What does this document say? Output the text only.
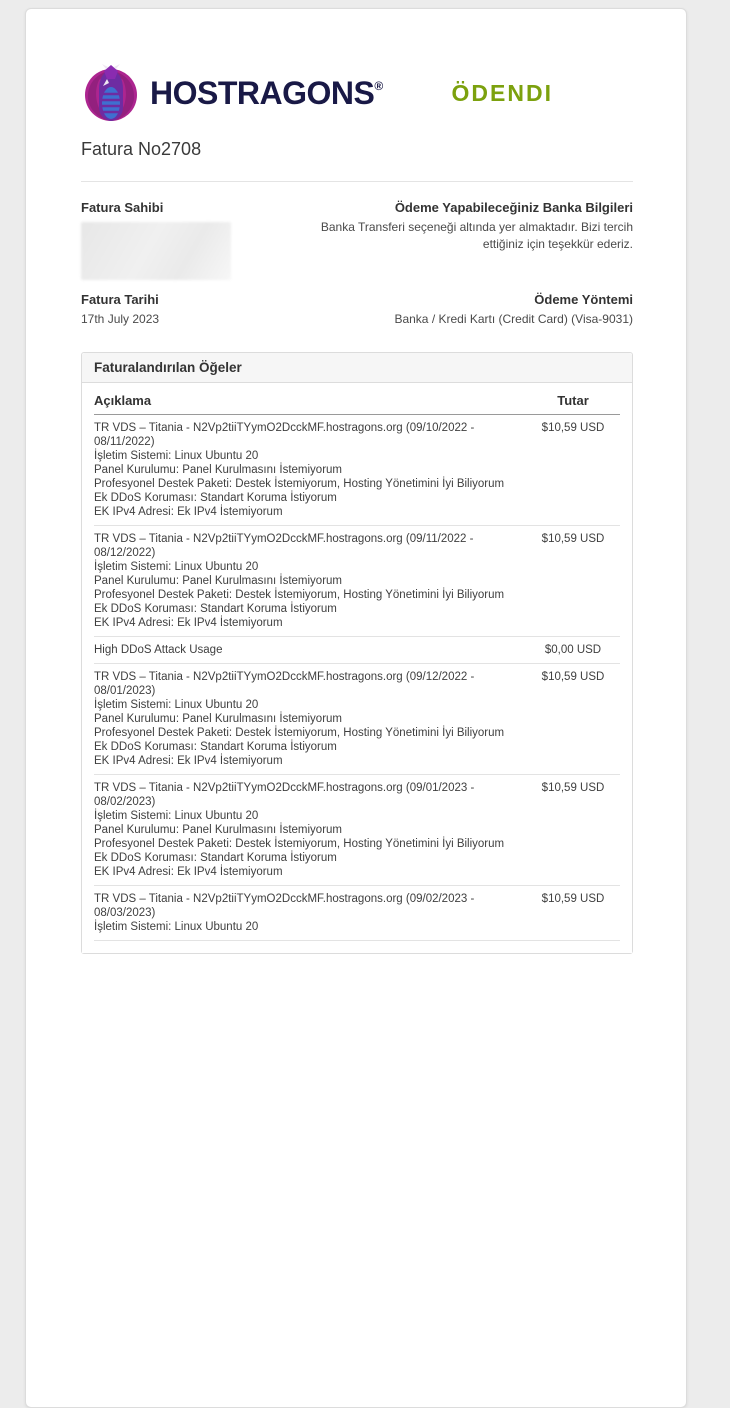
HOSTRAGONS®	ÖDENDI
Fatura No2708
Fatura Sahibi	Ödeme Yapabileceğiniz Banka Bilgileri
Banka Transferi seçeneği altında yer almaktadır. Bizi tercih ettiğiniz için teşekkür ederiz.
Fatura Tarihi
17th July 2023
Ödeme Yöntemi
Banka / Kredi Kartı (Credit Card) (Visa-9031)
Faturalandırılan Öğeler
Açıklama	Tutar
TR VDS – Titania - N2Vp2tiiTYymO2DcckMF.hostragons.org (09/10/2022 - 08/11/2022)
İşletim Sistemi: Linux Ubuntu 20
Panel Kurulumu: Panel Kurulmasını İstemiyorum
Profesyonel Destek Paketi: Destek İstemiyorum, Hosting Yönetimini İyi Biliyorum
Ek DDoS Koruması: Standart Koruma İstiyorum
EK IPv4 Adresi: Ek IPv4 İstemiyorum
$10,59 USD
TR VDS – Titania - N2Vp2tiiTYymO2DcckMF.hostragons.org (09/11/2022 - 08/12/2022)
İşletim Sistemi: Linux Ubuntu 20
Panel Kurulumu: Panel Kurulmasını İstemiyorum
Profesyonel Destek Paketi: Destek İstemiyorum, Hosting Yönetimini İyi Biliyorum
Ek DDoS Koruması: Standart Koruma İstiyorum
EK IPv4 Adresi: Ek IPv4 İstemiyorum
$10,59 USD
High DDoS Attack Usage	$0,00 USD
TR VDS – Titania - N2Vp2tiiTYymO2DcckMF.hostragons.org (09/12/2022 - 08/01/2023)
İşletim Sistemi: Linux Ubuntu 20
Panel Kurulumu: Panel Kurulmasını İstemiyorum
Profesyonel Destek Paketi: Destek İstemiyorum, Hosting Yönetimini İyi Biliyorum
Ek DDoS Koruması: Standart Koruma İstiyorum
EK IPv4 Adresi: Ek IPv4 İstemiyorum
$10,59 USD
TR VDS – Titania - N2Vp2tiiTYymO2DcckMF.hostragons.org (09/01/2023 - 08/02/2023)
İşletim Sistemi: Linux Ubuntu 20
Panel Kurulumu: Panel Kurulmasını İstemiyorum
Profesyonel Destek Paketi: Destek İstemiyorum, Hosting Yönetimini İyi Biliyorum
Ek DDoS Koruması: Standart Koruma İstiyorum
EK IPv4 Adresi: Ek IPv4 İstemiyorum
$10,59 USD
TR VDS – Titania - N2Vp2tiiTYymO2DcckMF.hostragons.org (09/02/2023 - 08/03/2023)
İşletim Sistemi: Linux Ubuntu 20
$10,59 USD
